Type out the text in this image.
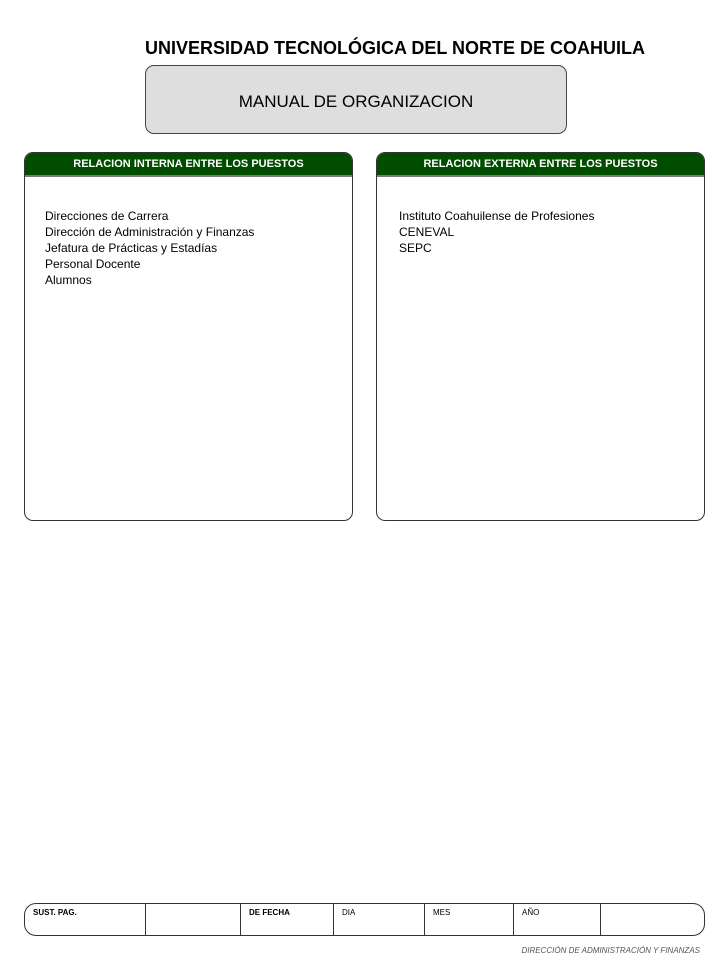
UNIVERSIDAD TECNOLÓGICA DEL NORTE DE COAHUILA
MANUAL DE ORGANIZACION
RELACION INTERNA ENTRE LOS PUESTOS
Direcciones de Carrera
Dirección de Administración y Finanzas
Jefatura de Prácticas y Estadías
Personal Docente
Alumnos
RELACION EXTERNA ENTRE LOS PUESTOS
Instituto Coahuilense de Profesiones
CENEVAL
SEPC
SUST. PAG.	DE FECHA	DIA	MES	AÑO
DIRECCIÓN DE ADMINISTRACIÓN Y FINANZAS
